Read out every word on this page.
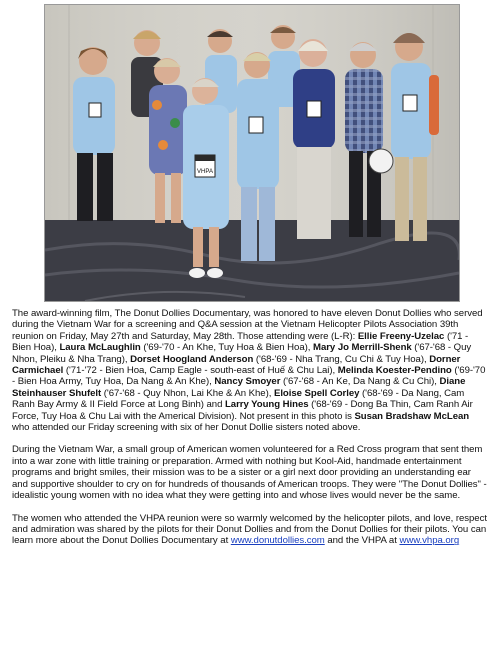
VHPA

The award-winning film, The Donut Dollies Documentary, was honored to have eleven Donut Dollies who served during the Vietnam War for a screening and Q&A session at the Vietnam Helicopter Pilots Association 39th reunion on Friday, May 27th and Saturday, May 28th. Those attending were (L-R): Ellie Freeny-Uzelac ('71 - Bien Hoa), Laura McLaughlin ('69-'70 - An Khe, Tuy Hoa & Bien Hoa), Mary Jo Merrill-Shenk ('67-'68 - Quy Nhon, Pleiku & Nha Trang), Dorset Hoogland Anderson ('68-'69 - Nha Trang, Cu Chi & Tuy Hoa), Dorner Carmichael ('71-'72 - Bien Hoa, Camp Eagle - south-east of Huế & Chu Lai), Melinda Koester-Pendino ('69-'70 - Bien Hoa Army, Tuy Hoa, Da Nang & An Khe), Nancy Smoyer ('67-'68 - An Ke, Da Nang & Cu Chi), Diane Steinhauser Shufelt ('67-'68 - Quy Nhon, Lai Khe & An Khe), Eloise Spell Corley ('68-'69 - Da Nang, Cam Ranh Bay Army & II Field Force at Long Binh) and Larry Young Hines ('68-'69 - Dong Ba Thin, Cam Ranh Air Force, Tuy Hoa & Chu Lai with the Americal Division). Not present in this photo is Susan Bradshaw McLean who attended our Friday screening with six of her Donut Dollie sisters noted above.

During the Vietnam War, a small group of American women volunteered for a Red Cross program that sent them into a war zone with little training or preparation. Armed with nothing but Kool-Aid, handmade entertainment programs and bright smiles, their mission was to be a sister or a girl next door providing an understanding ear and supportive shoulder to cry on for hundreds of thousands of American troops. They were "The Donut Dollies" - idealistic young women with no idea what they were getting into and whose lives would never be the same.

The women who attended the VHPA reunion were so warmly welcomed by the helicopter pilots, and love, respect and admiration was shared by the pilots for their Donut Dollies and from the Donut Dollies for their pilots. You can learn more about the Donut Dollies Documentary at www.donutdollies.com and the VHPA at www.vhpa.org
